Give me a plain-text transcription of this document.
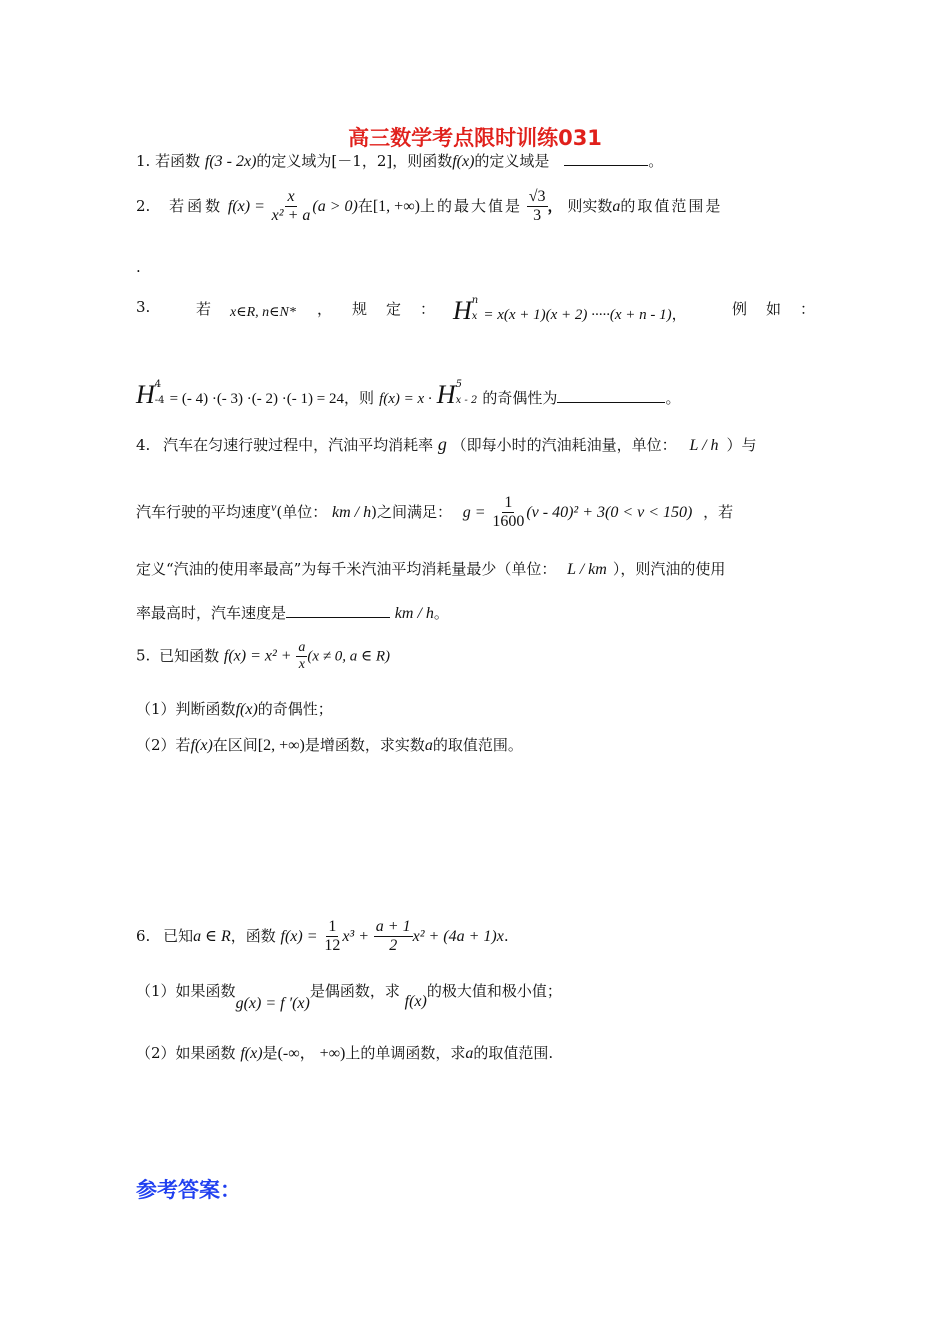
高三数学考点限时训练031
1. 若函数 f(3 - 2x)的定义域为[－1，2]，则函数f(x)的定义域是	。
2. 若函数 $f(x) = \frac{x}{\text{x² + a}} (a > 0)$在[1, +∞)上的最大值是 $\frac{√3}{3}$ ， 则实数a的取值范围是
.
3.	若 x∈R, n∈N* ， 规 定 ： H n
x = x(x + 1)(x + 2) ·····(x + n - 1)，	例 如 ：
H 4
-4 = (- 4) ·(- 3) ·(- 2) ·(- 1) = 24，则 f(x) = x · H 5
x - 2 的奇偶性为	。
4. 汽车在匀速行驶过程中，汽油平均消耗率 g （即每小时的汽油耗油量，单位： L / h ）与
汽车行驶的平均速度$^v$(单位： km / h)之间满足： $g = \frac{1}{1600} (v - 40)^2 + 3(0 < v < 150)$ ，若
定义“汽油的使用率最高”为每千米汽油平均消耗量最少（单位： L / km ），则汽油的使用
率最高时，汽车速度是	km / h。
5. 已知函数 $f(x) = x^2 + \frac{a}{x} (x \ne 0$, a ∈ R)
（1）判断函数f(x)的奇偶性；
（2）若f(x)在区间[2, +∞)是增函数，求实数a的取值范围。
6. 已知a ∈ R，函数 $f(x) = \frac{1}{12} x^3 + \frac{a + 1}{2} x^2 + (4a + 1)x$.
（1）如果函数g(x) = f ′(x)是偶函数，求 f(x)的极大值和极小值；
（2）如果函数 f(x)是(-∞， +∞)上的单调函数，求a的取值范围.
参考答案：
